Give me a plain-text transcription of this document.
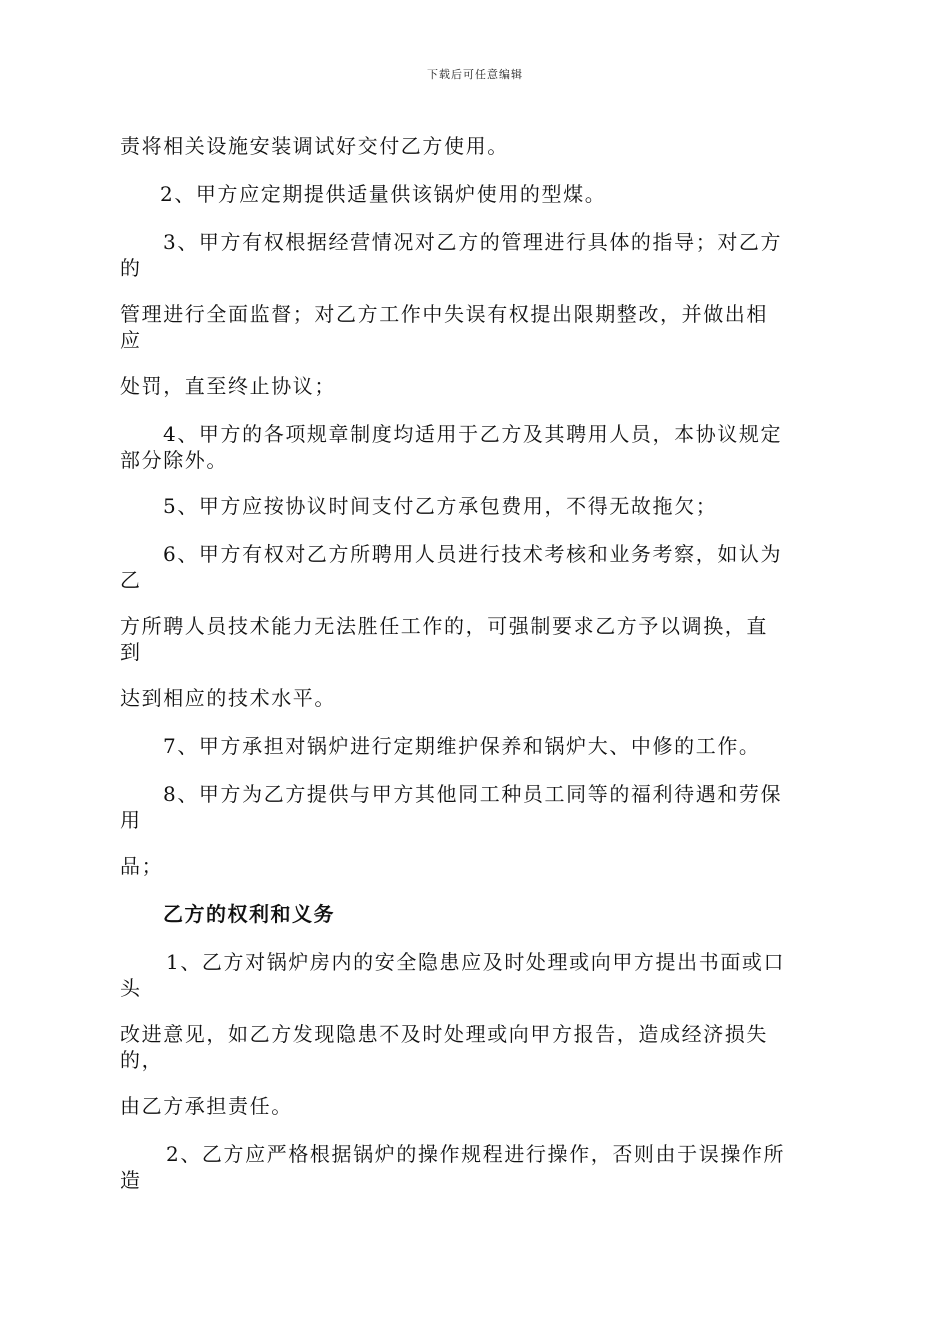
下载后可任意编辑
责将相关设施安装调试好交付乙方使用。
2、甲方应定期提供适量供该锅炉使用的型煤。
3、甲方有权根据经营情况对乙方的管理进行具体的指导；对乙方
的
管理进行全面监督；对乙方工作中失误有权提出限期整改，并做出相
应
处罚，直至终止协议；
4、甲方的各项规章制度均适用于乙方及其聘用人员，本协议规定
部分除外。
5、甲方应按协议时间支付乙方承包费用，不得无故拖欠；
6、甲方有权对乙方所聘用人员进行技术考核和业务考察，如认为
乙
方所聘人员技术能力无法胜任工作的，可强制要求乙方予以调换，直
到
达到相应的技术水平。
7、甲方承担对锅炉进行定期维护保养和锅炉大、中修的工作。
8、甲方为乙方提供与甲方其他同工种员工同等的福利待遇和劳保
用
品；
乙方的权利和义务
1、乙方对锅炉房内的安全隐患应及时处理或向甲方提出书面或口
头
改进意见，如乙方发现隐患不及时处理或向甲方报告，造成经济损失
的，
由乙方承担责任。
2、乙方应严格根据锅炉的操作规程进行操作，否则由于误操作所
造
